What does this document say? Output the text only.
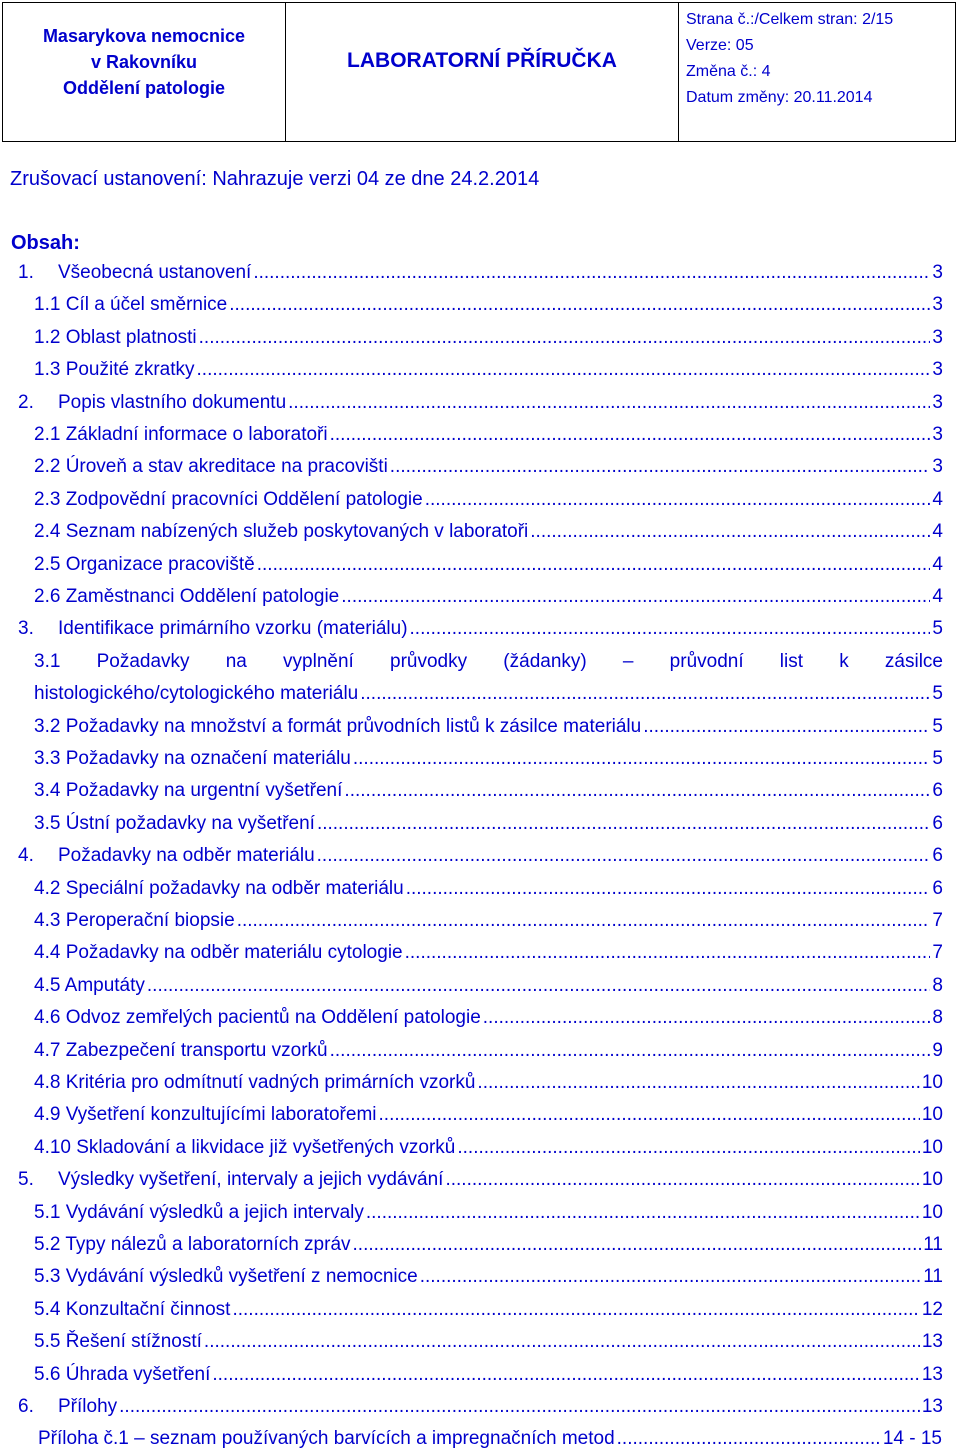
Masarykova nemocnice
v Rakovníku
Oddělení patologie
LABORATORNÍ PŘÍRUČKA
Strana č.:/Celkem stran: 2/15
Verze: 05
Změna č.: 4
Datum změny: 20.11.2014
Zrušovací ustanovení: Nahrazuje verzi 04 ze dne 24.2.2014
Obsah:
1.	Všeobecná ustanovení .....	3
1.1 Cíl a účel směrnice .....	3
1.2 Oblast platnosti .....	3
1.3 Použité zkratky .....	3
2.	Popis vlastního dokumentu .....	3
2.1 Základní informace o laboratoři .....	3
2.2 Úroveň a stav akreditace na pracovišti .....	3
2.3 Zodpovědní pracovníci Oddělení patologie .....	4
2.4 Seznam nabízených služeb poskytovaných v laboratoři .....	4
2.5 Organizace pracoviště .....	4
2.6 Zaměstnanci Oddělení patologie .....	4
3.	Identifikace primárního vzorku (materiálu) .....	5
3.1 Požadavky na vyplnění průvodky (žádanky) – průvodní list k zásilce
histologického/cytologického materiálu .....	5
3.2 Požadavky na množství a formát průvodních listů k zásilce materiálu .....	5
3.3 Požadavky na označení materiálu .....	5
3.4 Požadavky na urgentní vyšetření .....	6
3.5 Ústní požadavky na vyšetření .....	6
4.	Požadavky na odběr materiálu .....	6
4.2 Speciální požadavky na odběr materiálu .....	6
4.3 Peroperační biopsie .....	7
4.4 Požadavky na odběr materiálu cytologie .....	7
4.5 Amputáty .....	8
4.6 Odvoz zemřelých pacientů na Oddělení patologie .....	8
4.7 Zabezpečení transportu vzorků .....	9
4.8 Kritéria pro odmítnutí vadných primárních vzorků .....	10
4.9 Vyšetření konzultujícími laboratořemi .....	10
4.10 Skladování a likvidace již vyšetřených vzorků .....	10
5.	Výsledky vyšetření, intervaly a jejich vydávání .....	10
5.1 Vydávání výsledků a jejich intervaly .....	10
5.2 Typy nálezů a laboratorních zpráv .....	11
5.3 Vydávání výsledků vyšetření z nemocnice .....	11
5.4 Konzultační činnost .....	12
5.5 Řešení stížností .....	13
5.6 Úhrada vyšetření .....	13
6.	Přílohy .....	13
Příloha č.1 – seznam používaných barvících a impregnačních metod .....	14 - 15
